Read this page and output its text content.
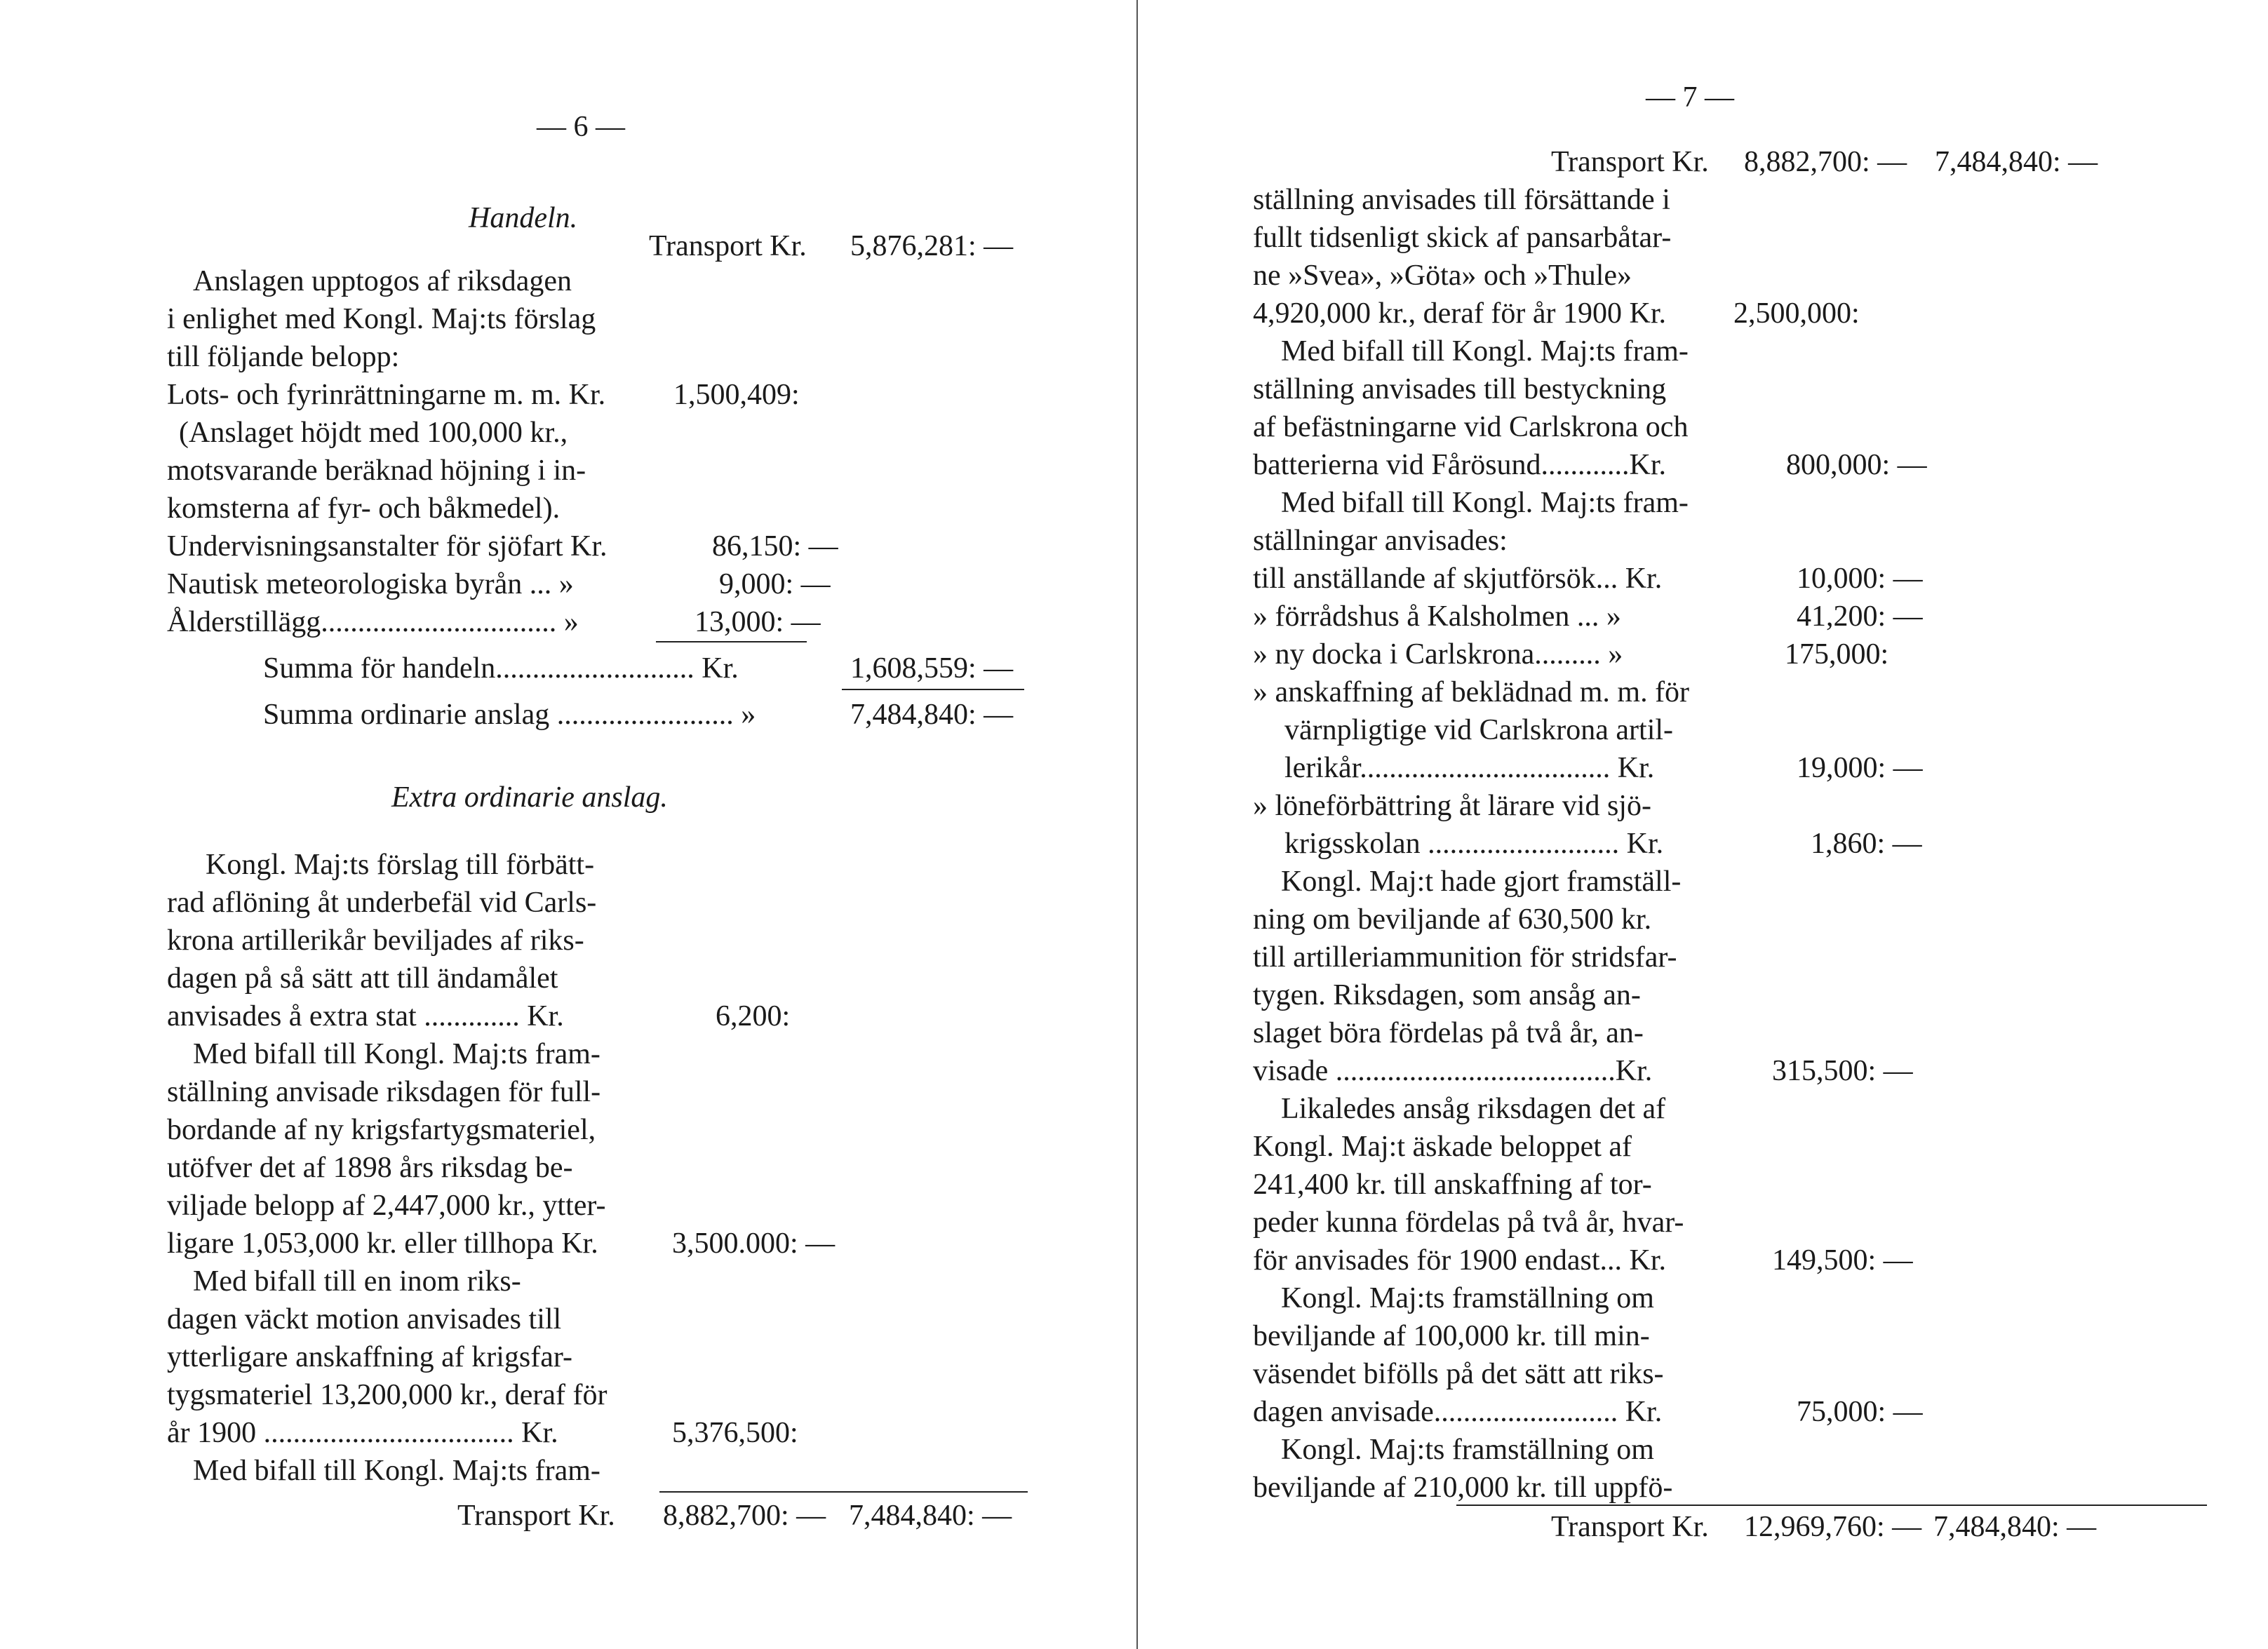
— 6 —
Handeln.
Transport Kr. 5,876,281: —
Anslagen upptogos af riksdagen
i enlighet med Kongl. Maj:ts förslag
till följande belopp:
Lots- och fyrinrättningarne m. m. Kr. 1,500,409:
(Anslaget höjdt med 100,000 kr.,
motsvarande beräknad höjning i in-
komsterna af fyr- och båkmedel).
Undervisningsanstalter för sjöfart Kr.	86,150: —
Nautisk meteorologiska byrån ... »	9,000: —
Ålderstillägg................................ »	13,000: —
Summa för handeln........................... Kr.	1,608,559: —
Summa ordinarie anslag ........................ »	7,484,840: —
Extra ordinarie anslag.
Kongl. Maj:ts förslag till förbätt-
rad aflöning åt underbefäl vid Carls-
krona artillerikår beviljades af riks-
dagen på så sätt att till ändamålet
anvisades å extra stat ............. Kr.	6,200:
Med bifall till Kongl. Maj:ts fram-
ställning anvisade riksdagen för full-
bordande af ny krigsfartygsmateriel,
utöfver det af 1898 års riksdag be-
viljade belopp af 2,447,000 kr., ytter-
ligare 1,053,000 kr. eller tillhopa Kr.	3,500.000: —
Med bifall till en inom riks-
dagen väckt motion anvisades till
ytterligare anskaffning af krigsfar-
tygsmateriel 13,200,000 kr., deraf för
år 1900 .................................. Kr.	5,376,500:
Med bifall till Kongl. Maj:ts fram-
Transport Kr. 8,882,700: — 7,484,840: —
— 7 —
Transport Kr. 8,882,700: — 7,484,840: —
ställning anvisades till försättande i
fullt tidsenligt skick af pansarbåtar-
ne »Svea», »Göta» och »Thule»
4,920,000 kr., deraf för år 1900 Kr. 2,500,000:
Med bifall till Kongl. Maj:ts fram-
ställning anvisades till bestyckning
af befästningarne vid Carlskrona och
batterierna vid Fårösund............Kr.	800,000: —
Med bifall till Kongl. Maj:ts fram-
ställningar anvisades:
till anställande af skjutförsök... Kr.	10,000: —
» förrådshus å Kalsholmen ... »	41,200: —
» ny docka i Carlskrona......... »	175,000:
» anskaffning af beklädnad m. m. för
värnpligtige vid Carlskrona artil-
lerikår.................................. Kr.	19,000: —
» löneförbättring åt lärare vid sjö-
krigsskolan .......................... Kr.	1,860: —
Kongl. Maj:t hade gjort framställ-
ning om beviljande af 630,500 kr.
till artilleriammunition för stridsfar-
tygen. Riksdagen, som ansåg an-
slaget böra fördelas på två år, an-
visade ......................................Kr.	315,500: —
Likaledes ansåg riksdagen det af
Kongl. Maj:t äskade beloppet af
241,400 kr. till anskaffning af tor-
peder kunna fördelas på två år, hvar-
för anvisades för 1900 endast... Kr.	149,500: —
Kongl. Maj:ts framställning om
beviljande af 100,000 kr. till min-
väsendet bifölls på det sätt att riks-
dagen anvisade......................... Kr.	75,000: —
Kongl. Maj:ts framställning om
beviljande af 210,000 kr. till uppfö-
Transport Kr. 12,969,760: — 7,484,840: —
